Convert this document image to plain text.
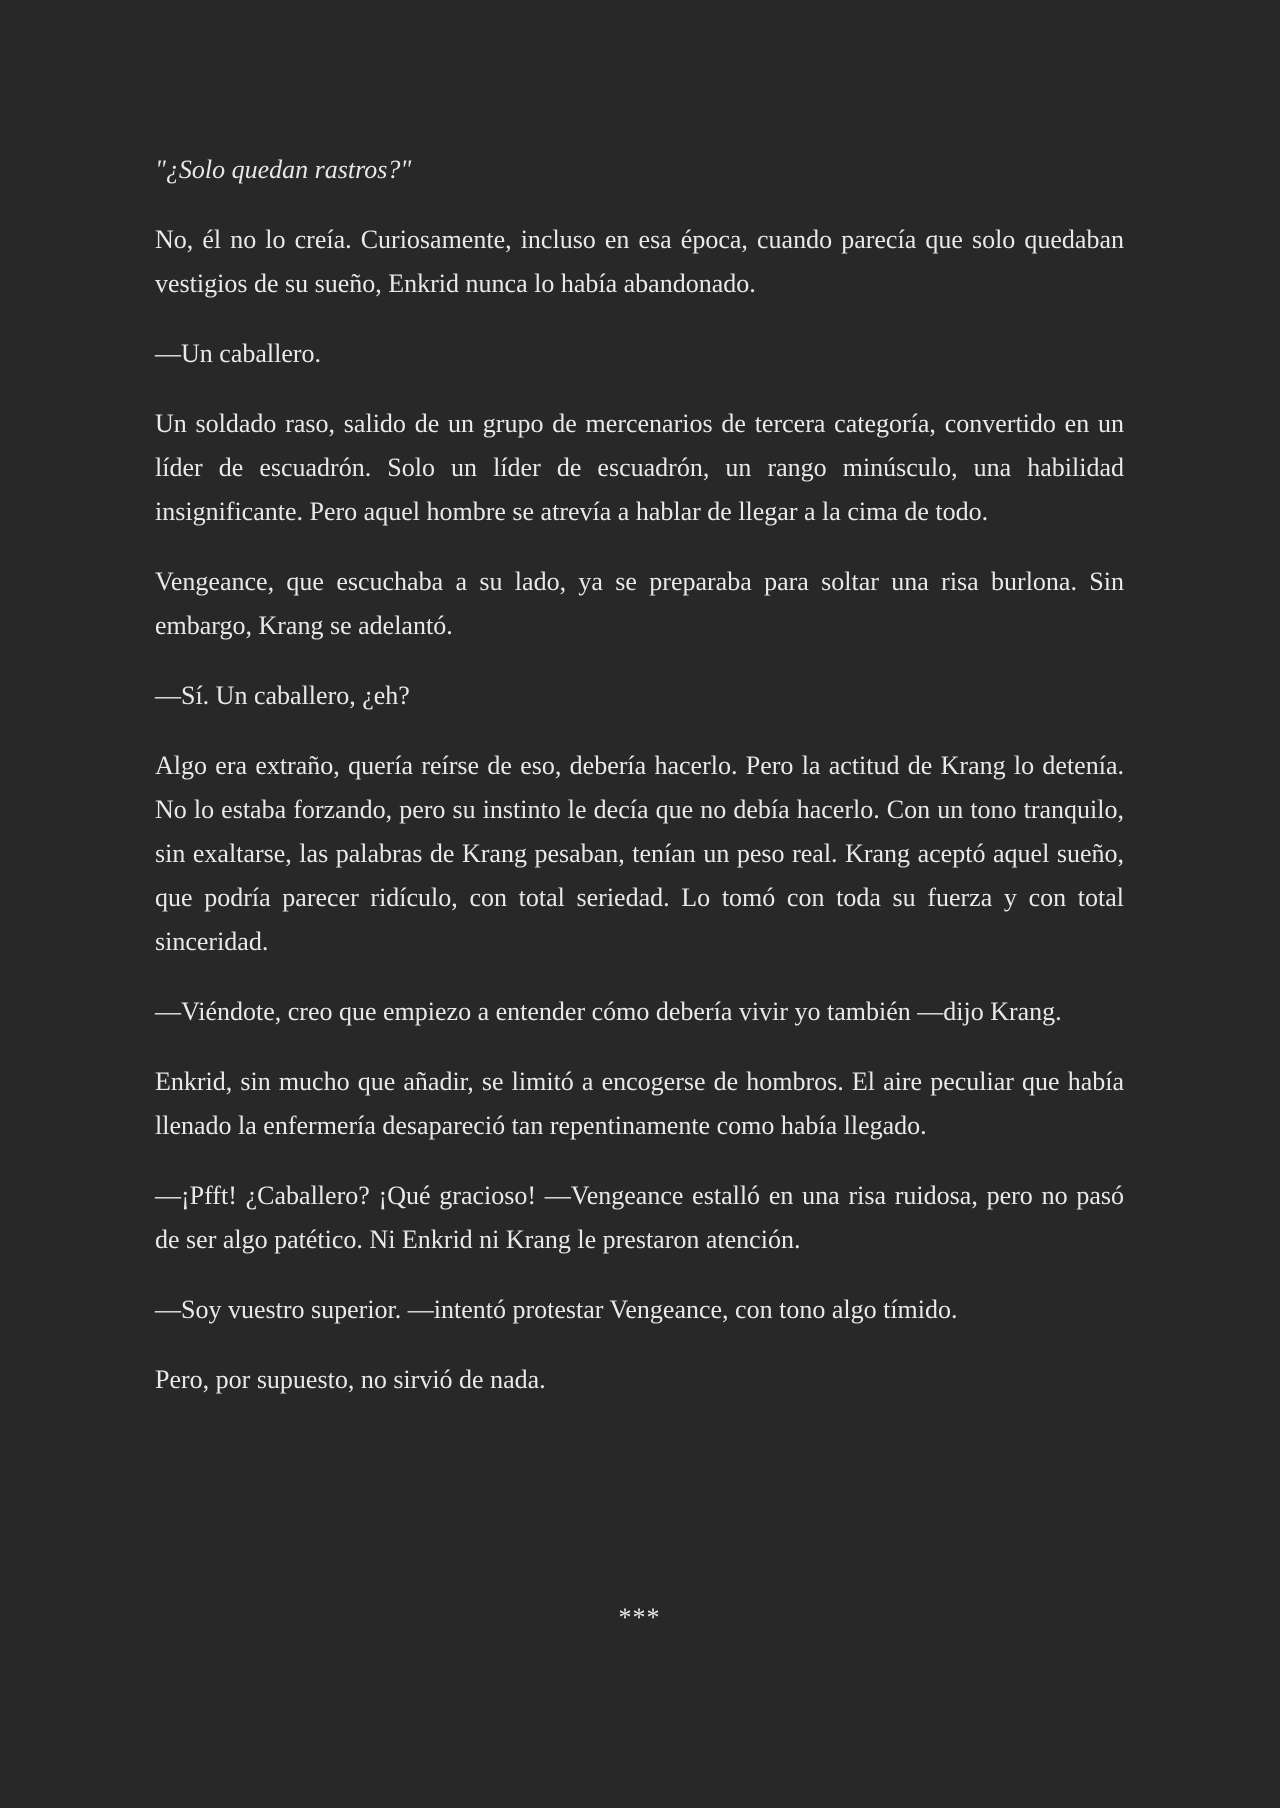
"¿Solo quedan rastros?"

No, él no lo creía. Curiosamente, incluso en esa época, cuando parecía que solo quedaban vestigios de su sueño, Enkrid nunca lo había abandonado.

—Un caballero.

Un soldado raso, salido de un grupo de mercenarios de tercera categoría, convertido en un líder de escuadrón. Solo un líder de escuadrón, un rango minúsculo, una habilidad insignificante. Pero aquel hombre se atrevía a hablar de llegar a la cima de todo.

Vengeance, que escuchaba a su lado, ya se preparaba para soltar una risa burlona. Sin embargo, Krang se adelantó.

—Sí. Un caballero, ¿eh?

Algo era extraño, quería reírse de eso, debería hacerlo. Pero la actitud de Krang lo detenía. No lo estaba forzando, pero su instinto le decía que no debía hacerlo. Con un tono tranquilo, sin exaltarse, las palabras de Krang pesaban, tenían un peso real. Krang aceptó aquel sueño, que podría parecer ridículo, con total seriedad. Lo tomó con toda su fuerza y con total sinceridad.

—Viéndote, creo que empiezo a entender cómo debería vivir yo también —dijo Krang.

Enkrid, sin mucho que añadir, se limitó a encogerse de hombros. El aire peculiar que había llenado la enfermería desapareció tan repentinamente como había llegado.

—¡Pfft! ¿Caballero? ¡Qué gracioso! —Vengeance estalló en una risa ruidosa, pero no pasó de ser algo patético. Ni Enkrid ni Krang le prestaron atención.

—Soy vuestro superior. —intentó protestar Vengeance, con tono algo tímido.

Pero, por supuesto, no sirvió de nada.

***
